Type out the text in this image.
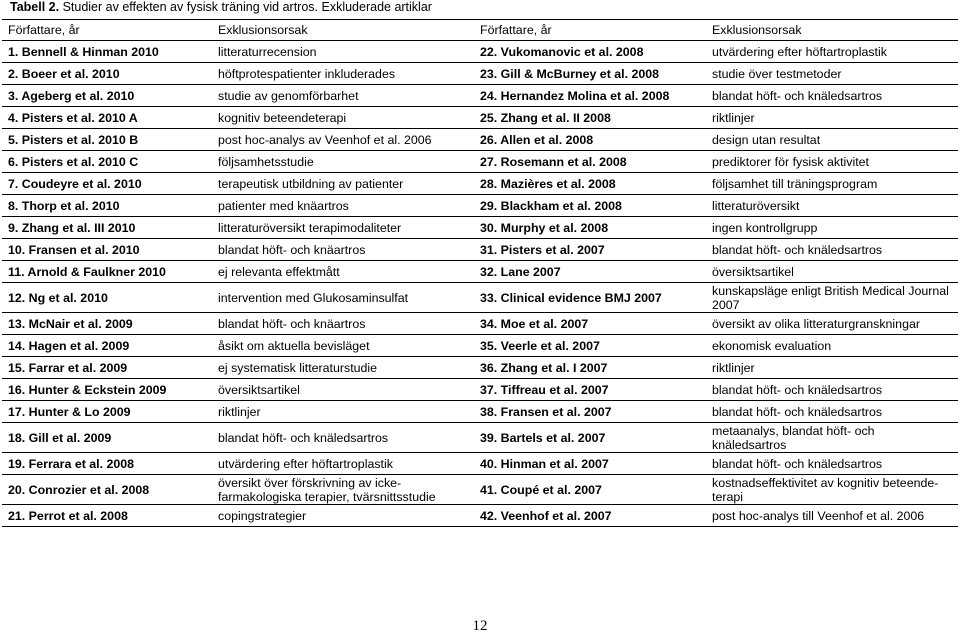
Tabell 2. Studier av effekten av fysisk träning vid artros. Exkluderade artiklar
Författare, år	Exklusionsorsak	Författare, år	Exklusionsorsak
1. Bennell & Hinman 2010	litteraturrecension	22. Vukomanovic et al. 2008	utvärdering efter höftartroplastik
2. Boeer et al. 2010	höftprotespatienter inkluderades	23. Gill & McBurney et al. 2008	studie över testmetoder
3. Ageberg et al. 2010	studie av genomförbarhet	24. Hernandez Molina et al. 2008	blandat höft- och knäledsartros
4. Pisters et al. 2010 A	kognitiv beteendeterapi	25. Zhang et al. II 2008	riktlinjer
5. Pisters et al. 2010 B	post hoc-analys av Veenhof et al. 2006	26. Allen et al. 2008	design utan resultat
6. Pisters et al. 2010 C	följsamhetsstudie	27. Rosemann et al. 2008	prediktorer för fysisk aktivitet
7. Coudeyre et al. 2010	terapeutisk utbildning av patienter	28. Mazières et al. 2008	följsamhet till träningsprogram
8. Thorp et al. 2010	patienter med knäartros	29. Blackham et al. 2008	litteraturöversikt
9. Zhang et al. III 2010	litteraturöversikt terapimodaliteter	30. Murphy et al. 2008	ingen kontrollgrupp
10. Fransen et al. 2010	blandat höft- och knäartros	31. Pisters et al. 2007	blandat höft- och knäledsartros
11. Arnold & Faulkner 2010	ej relevanta effektmått	32. Lane 2007	översiktsartikel
12. Ng et al. 2010	intervention med Glukosaminsulfat	33. Clinical evidence BMJ 2007	kunskapsläge enligt British Medical Journal 2007
13. McNair et al. 2009	blandat höft- och knäartros	34. Moe et al. 2007	översikt av olika litteraturgranskningar
14. Hagen et al. 2009	åsikt om aktuella bevisläget	35. Veerle et al. 2007	ekonomisk evaluation
15. Farrar et al. 2009	ej systematisk litteraturstudie	36. Zhang et al. I 2007	riktlinjer
16. Hunter & Eckstein 2009	översiktsartikel	37. Tiffreau et al. 2007	blandat höft- och knäledsartros
17. Hunter & Lo 2009	riktlinjer	38. Fransen et al. 2007	blandat höft- och knäledsartros
18. Gill et al. 2009	blandat höft- och knäledsartros	39. Bartels et al. 2007	metaanalys, blandat höft- och knäledsartros
19. Ferrara et al. 2008	utvärdering efter höftartroplastik	40. Hinman et al. 2007	blandat höft- och knäledsartros
20. Conrozier et al. 2008	översikt över förskrivning av icke-farmakologiska terapier, tvärsnittsstudie	41. Coupé et al. 2007	kostnadseffektivitet av kognitiv beteende-terapi
21. Perrot et al. 2008	copingstrategier	42. Veenhof et al. 2007	post hoc-analys till Veenhof et al. 2006
12
